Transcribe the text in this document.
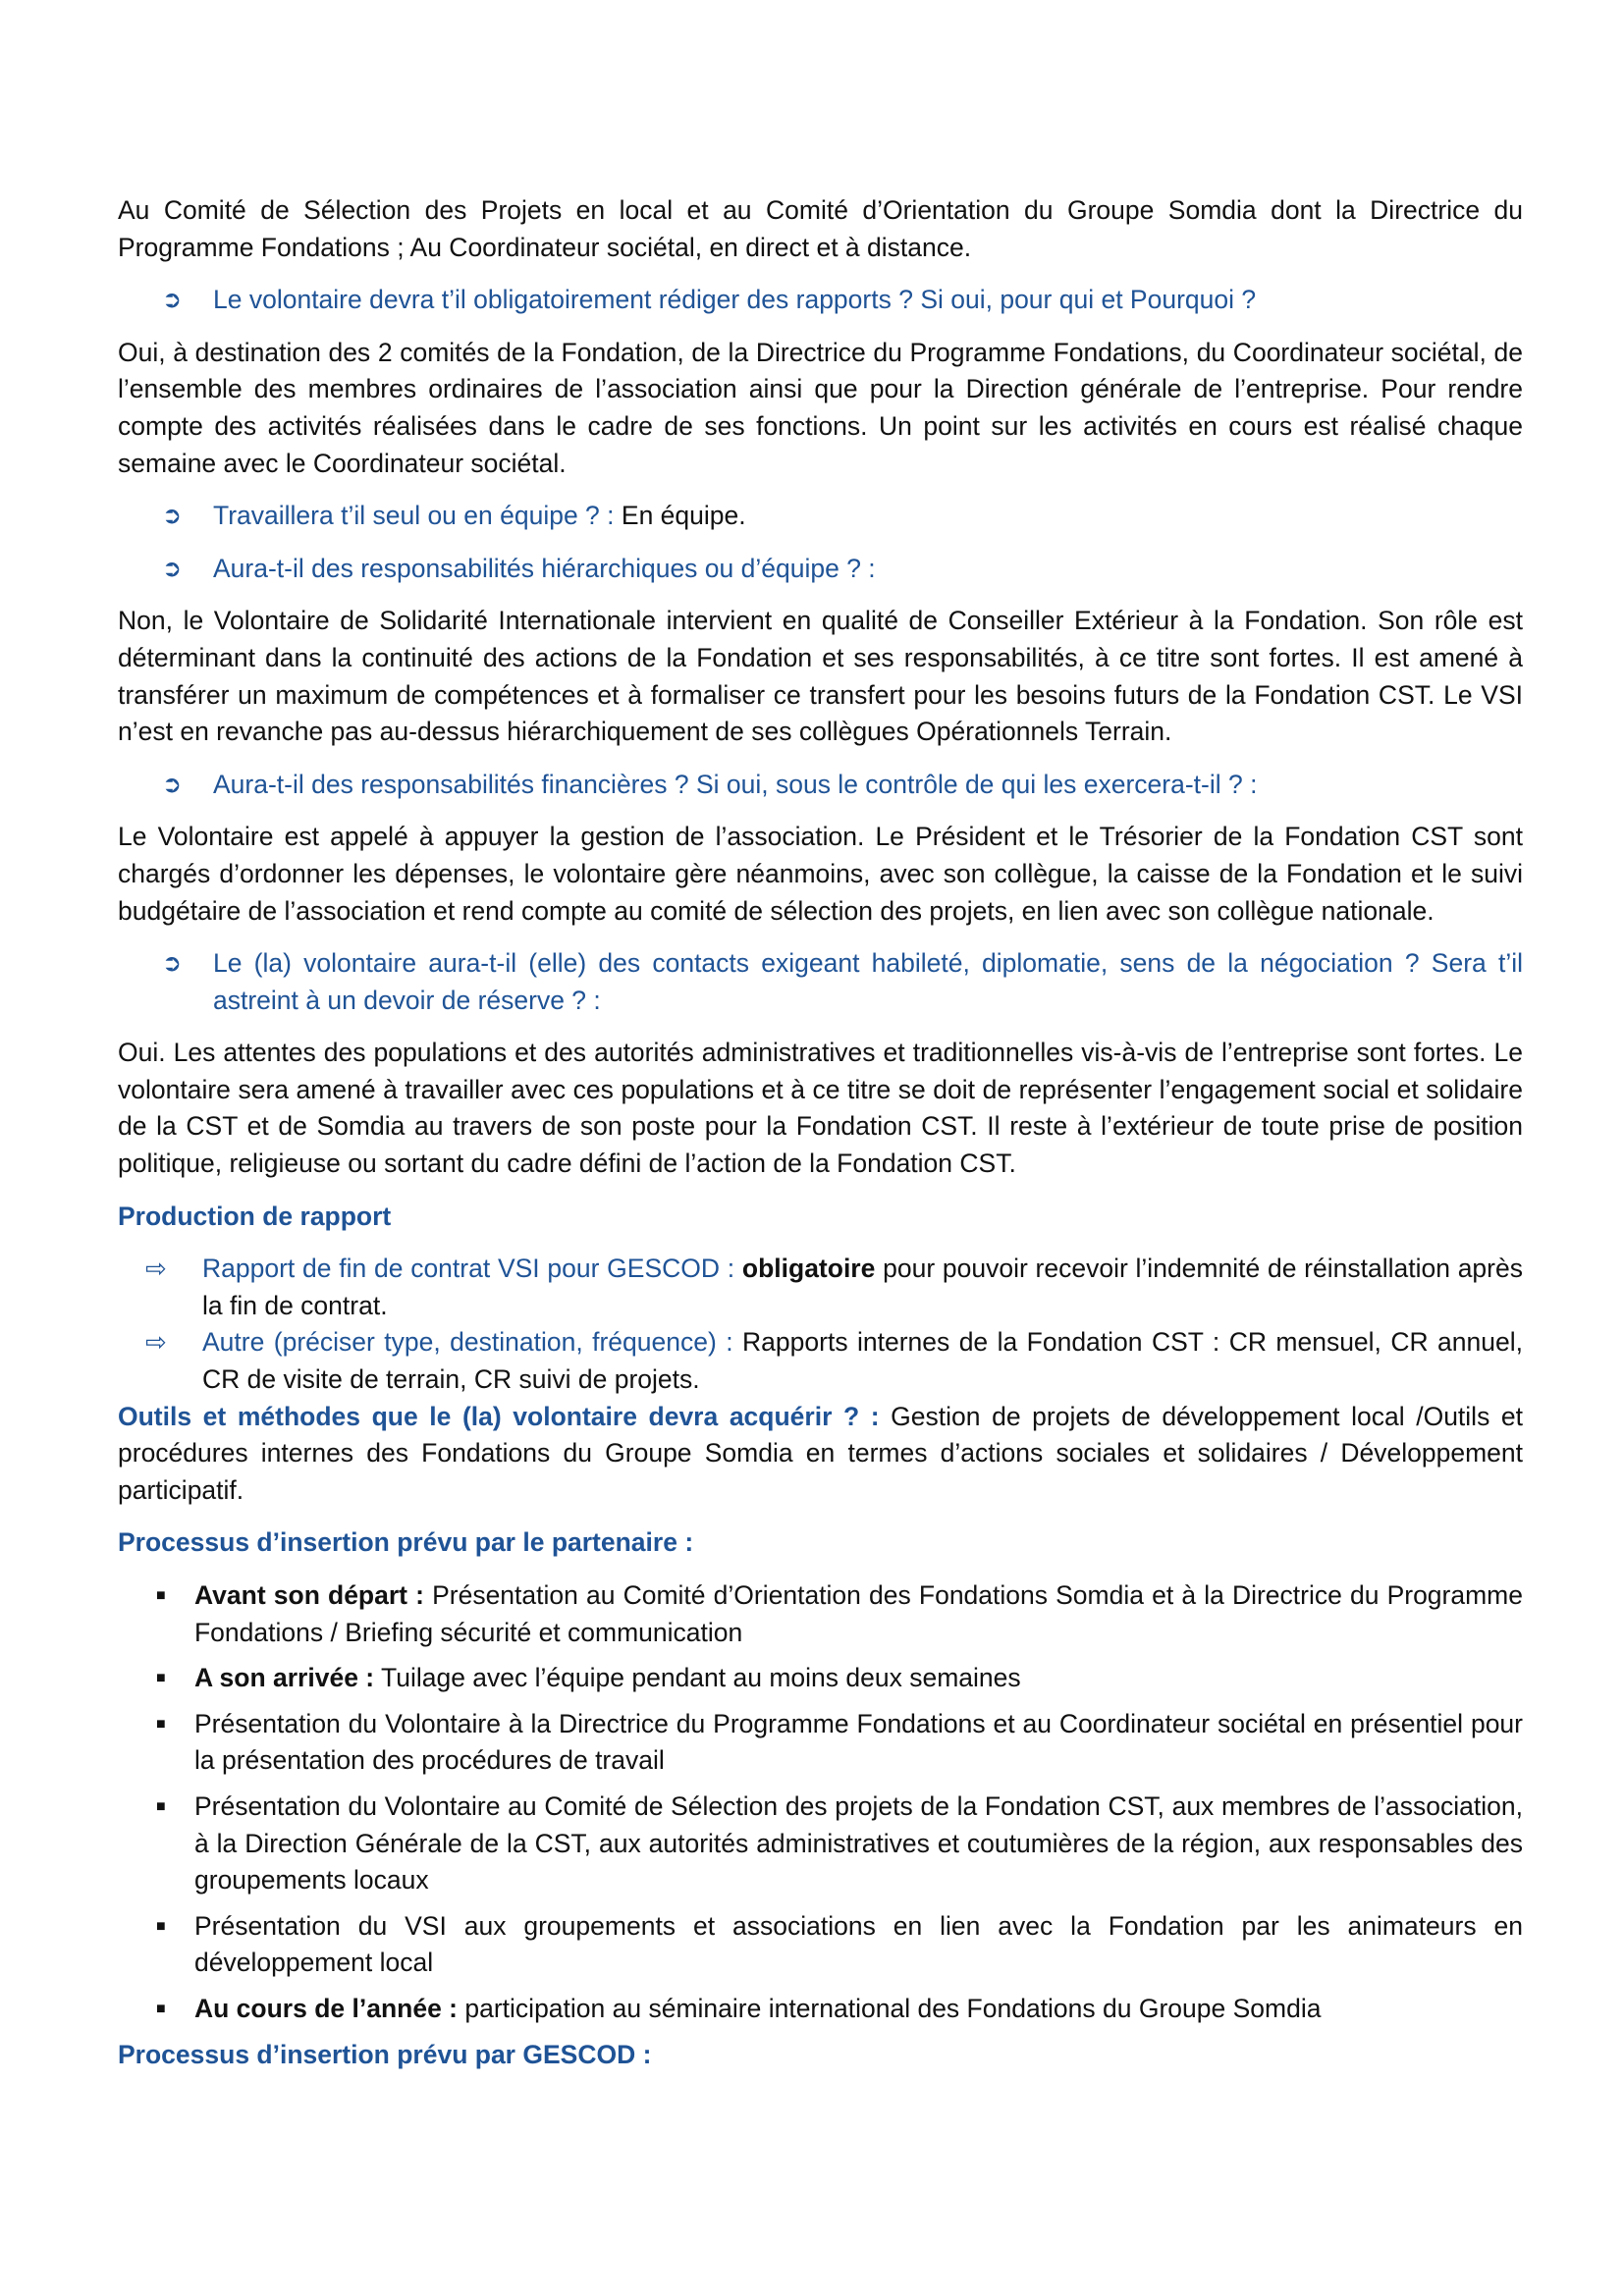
Au Comité de Sélection des Projets en local et au Comité d’Orientation du Groupe Somdia dont la Directrice du Programme Fondations ; Au Coordinateur sociétal, en direct et à distance.

➲	Le volontaire devra t’il obligatoirement rédiger des rapports ? Si oui, pour qui et Pourquoi ?

Oui, à destination des 2 comités de la Fondation, de la Directrice du Programme Fondations, du Coordinateur sociétal, de l’ensemble des membres ordinaires de l’association ainsi que pour la Direction générale de l’entreprise. Pour rendre compte des activités réalisées dans le cadre de ses fonctions. Un point sur les activités en cours est réalisé chaque semaine avec le Coordinateur sociétal.

➲	Travaillera t’il seul ou en équipe ? : En équipe.
➲	Aura-t-il des responsabilités hiérarchiques ou d’équipe ? :

Non, le Volontaire de Solidarité Internationale intervient en qualité de Conseiller Extérieur à la Fondation. Son rôle est déterminant dans la continuité des actions de la Fondation et ses responsabilités, à ce titre sont fortes. Il est amené à transférer un maximum de compétences et à formaliser ce transfert pour les besoins futurs de la Fondation CST. Le VSI n’est en revanche pas au-dessus hiérarchiquement de ses collègues Opérationnels Terrain.

➲	Aura-t-il des responsabilités financières ? Si oui, sous le contrôle de qui les exercera-t-il ? :

Le Volontaire est appelé à appuyer la gestion de l’association. Le Président et le Trésorier de la Fondation CST sont chargés d’ordonner les dépenses, le volontaire gère néanmoins, avec son collègue, la caisse de la Fondation et le suivi budgétaire de l’association et rend compte au comité de sélection des projets, en lien avec son collègue nationale.

➲	Le (la) volontaire aura-t-il (elle) des contacts exigeant habileté, diplomatie, sens de la négociation ? Sera t’il astreint à un devoir de réserve ? :

Oui. Les attentes des populations et des autorités administratives et traditionnelles vis-à-vis de l’entreprise sont fortes. Le volontaire sera amené à travailler avec ces populations et à ce titre se doit de représenter l’engagement social et solidaire de la CST et de Somdia au travers de son poste pour la Fondation CST. Il reste à l’extérieur de toute prise de position politique, religieuse ou sortant du cadre défini de l’action de la Fondation CST.

Production de rapport

⇨	Rapport de fin de contrat VSI pour GESCOD : obligatoire pour pouvoir recevoir l’indemnité de réinstallation après la fin de contrat.
⇨	Autre (préciser type, destination, fréquence) : Rapports internes de la Fondation CST : CR mensuel, CR annuel, CR de visite de terrain, CR suivi de projets.

Outils et méthodes que le (la) volontaire devra acquérir ? : Gestion de projets de développement local /Outils et procédures internes des Fondations du Groupe Somdia en termes d’actions sociales et solidaires / Développement participatif.

Processus d’insertion prévu par le partenaire :

■	Avant son départ : Présentation au Comité d’Orientation des Fondations Somdia et à la Directrice du Programme Fondations / Briefing sécurité et communication
■	A son arrivée : Tuilage avec l’équipe pendant au moins deux semaines
■	Présentation du Volontaire à la Directrice du Programme Fondations et au Coordinateur sociétal en présentiel pour la présentation des procédures de travail
■	Présentation du Volontaire au Comité de Sélection des projets de la Fondation CST, aux membres de l’association, à la Direction Générale de la CST, aux autorités administratives et coutumières de la région, aux responsables des groupements locaux
■	Présentation du VSI aux groupements et associations en lien avec la Fondation par les animateurs en développement local
■	Au cours de l’année : participation au séminaire international des Fondations du Groupe Somdia

Processus d’insertion prévu par GESCOD :
